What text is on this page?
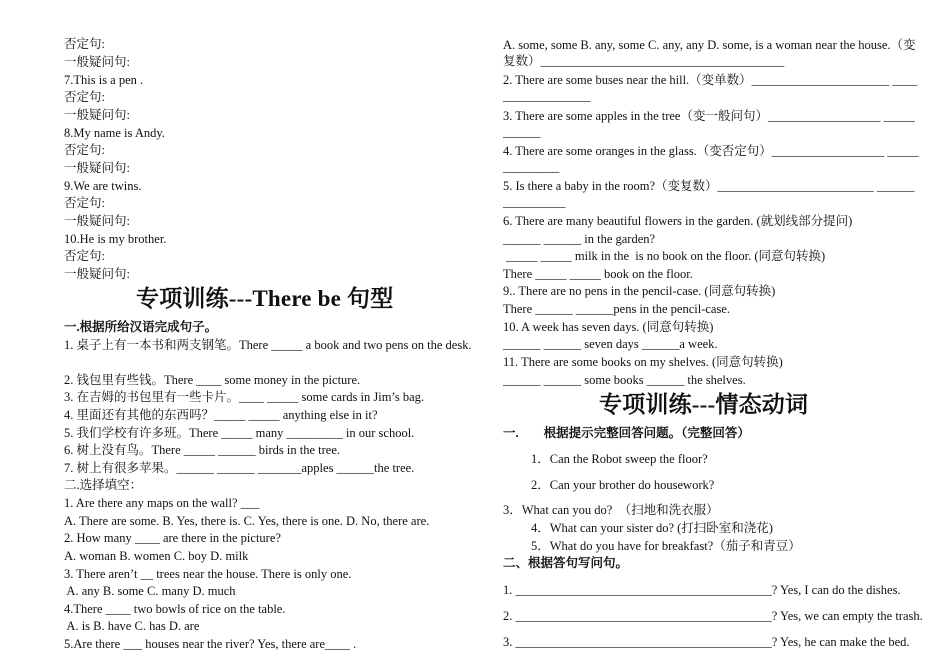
否定句:
一般疑问句:
7.This is a pen .
否定句:
一般疑问句:
8.My name is Andy.
否定句:
一般疑问句:
9.We are twins.
否定句:
一般疑问句:
10.He is my brother.
否定句:
一般疑问句:
专项训练---There be 句型
一.根据所给汉语完成句子。
1. 桌子上有一本书和两支钢笔。There _____ a book and two pens on the desk.
2. 钱包里有些钱。There ____ some money in the picture.
3. 在吉姆的书包里有一些卡片。____ _____ some cards in Jim’s bag.
4. 里面还有其他的东西吗？_____ _____ anything else in it?
5. 我们学校有许多班。There _____ many _________ in our school.
6. 树上没有鸟。There _____ ______ birds in the tree.
7. 树上有很多苹果。______ ______ _______apples ______the tree.
二.选择填空：
1. Are there any maps on the wall? ___
A. There are some. B. Yes, there is. C. Yes, there is one. D. No, there are.
2. How many ____ are there in the picture?
A. woman B. women C. boy D. milk
3. There aren’t __ trees near the house. There is only one.
A. any B. some C. many D. much
4.There ____ two bowls of rice on the table.
A. is B. have C. has D. are
5.Are there ___ houses near the river? Yes, there are____ .
A. some, some B. any, some C. any, any D. some, is a woman near the house.（变复数）_______________________________________
2. There are some buses near the hill.（变单数）______________________ __________________
3. There are some apples in the tree（变一般问句）__________________ ___________
4. There are some oranges in the glass.（变否定句）__________________ ______________
5. Is there a baby in the room?（变复数）_________________________ ________________
6. There are many beautiful flowers in the garden. (就划线部分提问)
______ ______ in the garden?
_____ _____ milk in the  is no book on the floor. (同意句转换)
There _____ _____ book on the floor.
9.. There are no pens in the pencil-case. (同意句转换)
There ______ ______pens in the pencil-case.
10. A week has seven days. (同意句转换)
______ ______ seven days ______a week.
11. There are some books on my shelves. (同意句转换)
______ ______ some books ______ the shelves.
专项训练---情态动词
一.        根据提示完整回答问题。（完整回答）
1．Can the Robot sweep the floor?
2．Can your brother do housework?
3．What can you do?　（扫地和洗衣服）
4．What can your sister do? (打扫卧室和浇花)
5．What do you have for breakfast?（茄子和青豆）
二、根据答句写问句。
1. _________________________________________? Yes, I can do the dishes.
2. _________________________________________? Yes, we can empty the trash.
3. _________________________________________? Yes, he can make the bed.
